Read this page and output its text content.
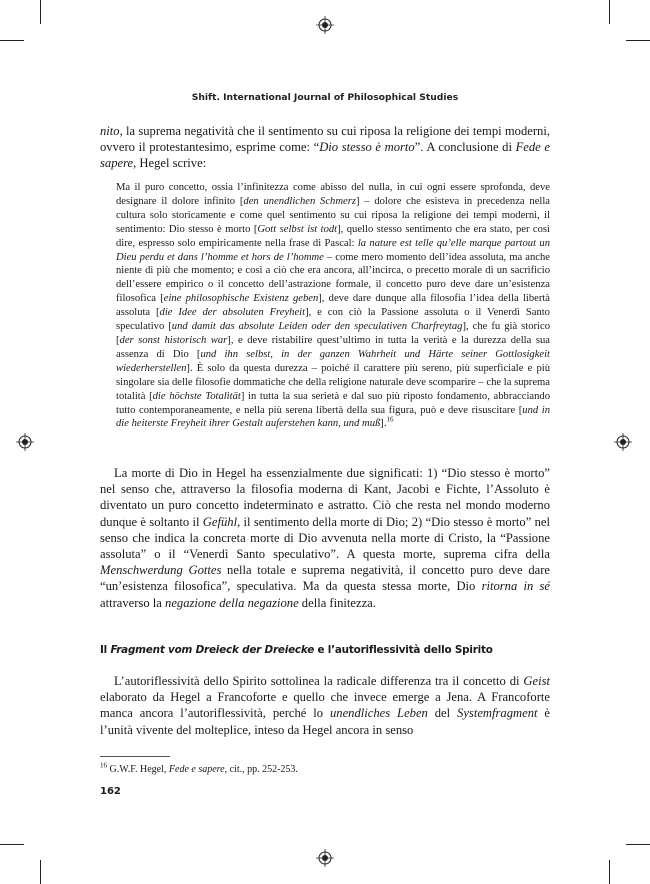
Shift. International Journal of Philosophical Studies

nito, la suprema negatività che il sentimento su cui riposa la religione dei tempi moderni, ovvero il protestantesimo, esprime come: “Dio stesso è morto”. A conclusione di Fede e sapere, Hegel scrive:

Ma il puro concetto, ossia l’infinitezza come abisso del nulla, in cui ogni essere sprofonda, deve designare il dolore infinito [den unendlichen Schmerz] – dolore che esisteva in precedenza nella cultura solo storicamente e come quel sentimento su cui riposa la religione dei tempi moderni, il sentimento: Dio stesso è morto [Gott selbst ist todt], quello stesso sentimento che era stato, per così dire, espresso solo empiricamente nella frase di Pascal: la nature est telle qu’elle marque partout un Dieu perdu et dans l’homme et hors de l’homme – come mero momento dell’idea assoluta, ma anche niente di più che momento; e così a ciò che era ancora, all’incirca, o precetto morale di un sacrificio dell’essere empirico o il concetto dell’astrazione formale, il concetto puro deve dare un’esistenza filosofica [eine philosophische Existenz geben], deve dare dunque alla filosofia l’idea della libertà assoluta [die Idee der absoluten Freyheit], e con ciò la Passione assoluta o il Venerdì Santo speculativo [und damit das absolute Leiden oder den speculativen Charfreytag], che fu già storico [der sonst historisch war], e deve ristabilire quest’ultimo in tutta la verità e la durezza della sua assenza di Dio [und ihn selbst, in der ganzen Wahrheit und Härte seiner Gottlosigkeit wiederherstellen]. È solo da questa durezza – poiché il carattere più sereno, più superficiale e più singolare sia delle filosofie dommatiche che della religione naturale deve scomparire – che la suprema totalità [die höchste Totalität] in tutta la sua serietà e dal suo più riposto fondamento, abbracciando tutto contemporaneamente, e nella più serena libertà della sua figura, può e deve risuscitare [und in die heiterste Freyheit ihrer Gestalt auferstehen kann, und muß].$^{16}$

La morte di Dio in Hegel ha essenzialmente due significati: 1) “Dio stesso è morto” nel senso che, attraverso la filosofia moderna di Kant, Jacobi e Fichte, l’Assoluto è diventato un puro concetto indeterminato e astratto. Ciò che resta nel mondo moderno dunque è soltanto il Gefühl, il sentimento della morte di Dio; 2) “Dio stesso è morto” nel senso che indica la concreta morte di Dio avvenuta nella morte di Cristo, la “Passione assoluta” o il “Venerdì Santo speculativo”. A questa morte, suprema cifra della Menschwerdung Gottes nella totale e suprema negatività, il concetto puro deve dare “un’esistenza filosofica”, speculativa. Ma da questa stessa morte, Dio ritorna in sé attraverso la negazione della negazione della finitezza.

Il Fragment vom Dreieck der Dreiecke e l’autoriflessività dello Spirito

L’autoriflessività dello Spirito sottolinea la radicale differenza tra il concetto di Geist elaborato da Hegel a Francoforte e quello che invece emerge a Jena. A Francoforte manca ancora l’autoriflessività, perché lo unendliches Leben del Systemfragment è l’unità vivente del molteplice, inteso da Hegel ancora in senso

$^{16}$ G.W.F. Hegel, Fede e sapere, cit., pp. 252-253.
162
